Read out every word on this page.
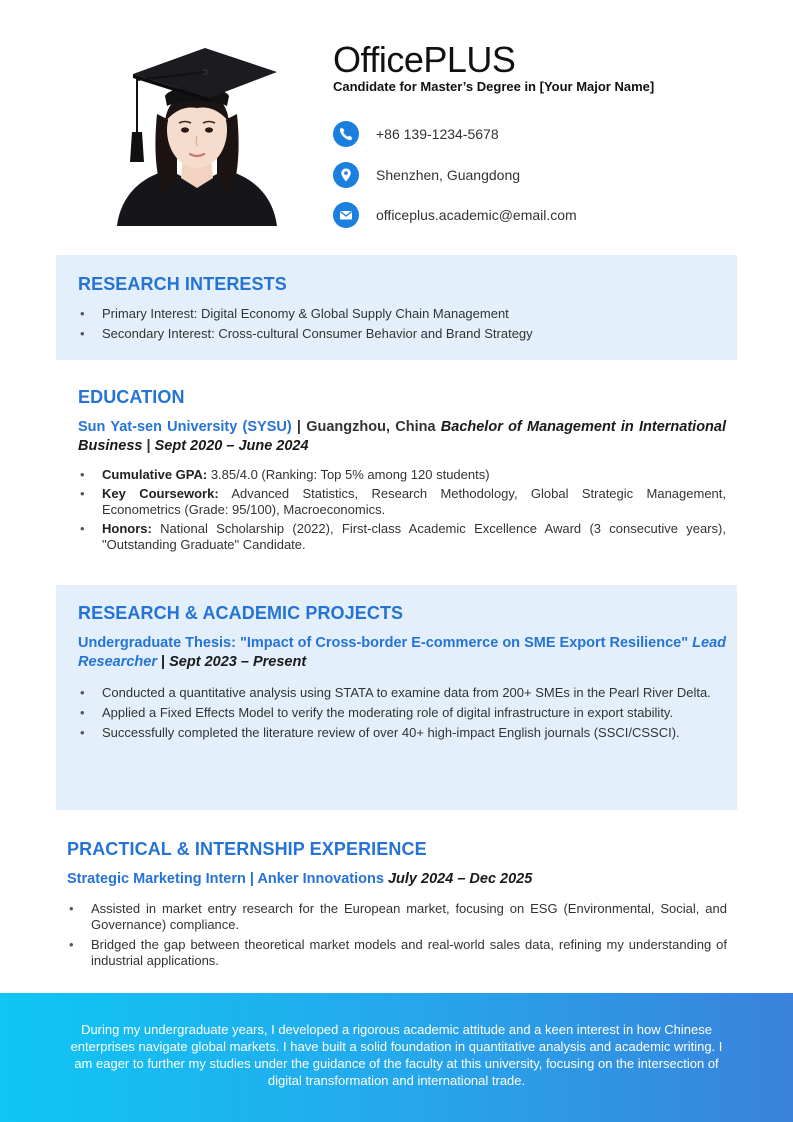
OfficePLUS
Candidate for Master’s Degree in [Your Major Name]
+86 139-1234-5678
Shenzhen, Guangdong
officeplus.academic@email.com
RESEARCH INTERESTS
• Primary Interest: Digital Economy & Global Supply Chain Management
• Secondary Interest: Cross-cultural Consumer Behavior and Brand Strategy
EDUCATION
Sun Yat-sen University (SYSU) | Guangzhou, China Bachelor of Management in International Business | Sept 2020 – June 2024
• Cumulative GPA: 3.85/4.0 (Ranking: Top 5% among 120 students)
• Key Coursework: Advanced Statistics, Research Methodology, Global Strategic Management, Econometrics (Grade: 95/100), Macroeconomics.
• Honors: National Scholarship (2022), First-class Academic Excellence Award (3 consecutive years), "Outstanding Graduate" Candidate.
RESEARCH & ACADEMIC PROJECTS
Undergraduate Thesis: "Impact of Cross-border E-commerce on SME Export Resilience" Lead Researcher | Sept 2023 – Present
• Conducted a quantitative analysis using STATA to examine data from 200+ SMEs in the Pearl River Delta.
• Applied a Fixed Effects Model to verify the moderating role of digital infrastructure in export stability.
• Successfully completed the literature review of over 40+ high-impact English journals (SSCI/CSSCI).
PRACTICAL & INTERNSHIP EXPERIENCE
Strategic Marketing Intern | Anker Innovations July 2024 – Dec 2025
• Assisted in market entry research for the European market, focusing on ESG (Environmental, Social, and Governance) compliance.
• Bridged the gap between theoretical market models and real-world sales data, refining my understanding of industrial applications.

During my undergraduate years, I developed a rigorous academic attitude and a keen interest in how Chinese enterprises navigate global markets. I have built a solid foundation in quantitative analysis and academic writing. I am eager to further my studies under the guidance of the faculty at this university, focusing on the intersection of digital transformation and international trade.
